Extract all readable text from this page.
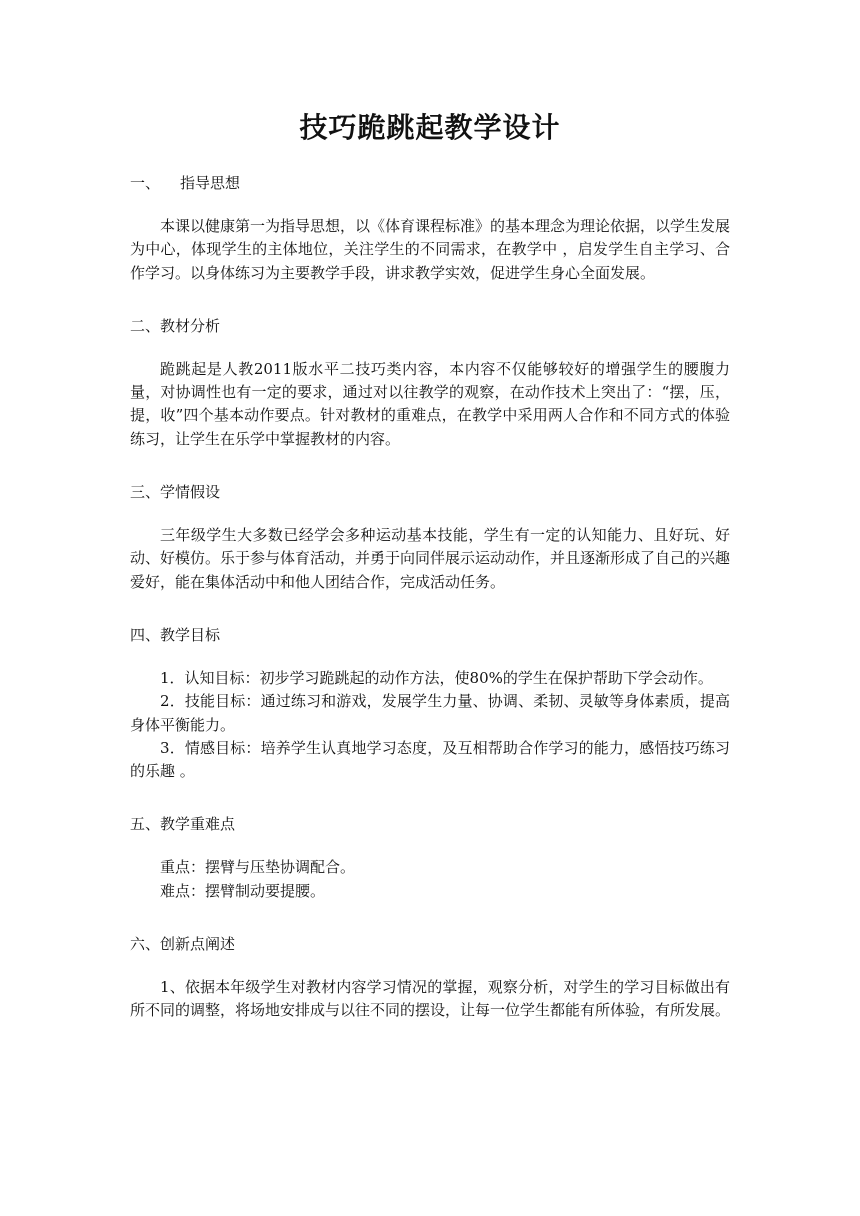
技巧跪跳起教学设计

一、 指导思想

本课以健康第一为指导思想，以《体育课程标准》的基本理念为理论依据，以学生发展为中心，体现学生的主体地位，关注学生的不同需求，在教学中 ，启发学生自主学习、合作学习。以身体练习为主要教学手段，讲求教学实效，促进学生身心全面发展。

二、教材分析

跪跳起是人教2011版水平二技巧类内容，本内容不仅能够较好的增强学生的腰腹力量，对协调性也有一定的要求，通过对以往教学的观察，在动作技术上突出了：“摆，压，提，收”四个基本动作要点。针对教材的重难点，在教学中采用两人合作和不同方式的体验练习，让学生在乐学中掌握教材的内容。

三、学情假设

三年级学生大多数已经学会多种运动基本技能，学生有一定的认知能力、且好玩、好动、好模仿。乐于参与体育活动，并勇于向同伴展示运动动作，并且逐渐形成了自己的兴趣爱好，能在集体活动中和他人团结合作，完成活动任务。

四、教学目标

1．认知目标：初步学习跪跳起的动作方法，使80%的学生在保护帮助下学会动作。

2．技能目标：通过练习和游戏，发展学生力量、协调、柔韧、灵敏等身体素质，提高身体平衡能力。

3．情感目标：培养学生认真地学习态度，及互相帮助合作学习的能力，感悟技巧练习的乐趣 。

五、教学重难点

重点：摆臂与压垫协调配合。

难点：摆臂制动要提腰。

六、创新点阐述

1、依据本年级学生对教材内容学习情况的掌握，观察分析，对学生的学习目标做出有所不同的调整，将场地安排成与以往不同的摆设，让每一位学生都能有所体验，有所发展。
